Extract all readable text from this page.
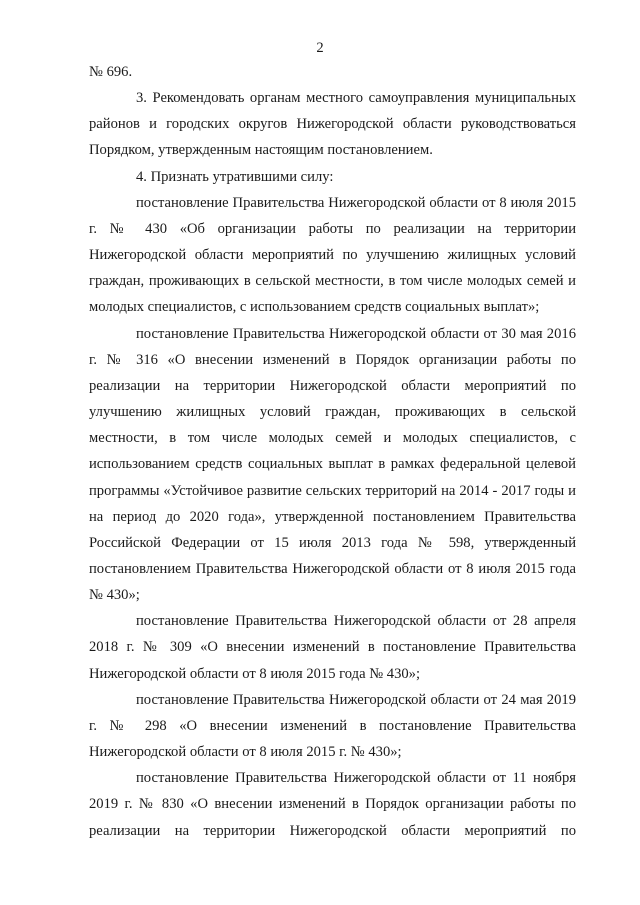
2

№ 696.

3. Рекомендовать органам местного самоуправления муниципальных районов и городских округов Нижегородской области руководствоваться Порядком, утвержденным настоящим постановлением.

4. Признать утратившими силу:

постановление Правительства Нижегородской области от 8 июля 2015 г. № 430 «Об организации работы по реализации на территории Нижегородской области мероприятий по улучшению жилищных условий граждан, проживающих в сельской местности, в том числе молодых семей и молодых специалистов, с использованием средств социальных выплат»;

постановление Правительства Нижегородской области от 30 мая 2016 г. № 316 «О внесении изменений в Порядок организации работы по реализации на территории Нижегородской области мероприятий по улучшению жилищных условий граждан, проживающих в сельской местности, в том числе молодых семей и молодых специалистов, с использованием средств социальных выплат в рамках федеральной целевой программы «Устойчивое развитие сельских территорий на 2014 - 2017 годы и на период до 2020 года», утвержденной постановлением Правительства Российской Федерации от 15 июля 2013 года № 598, утвержденный постановлением Правительства Нижегородской области от 8 июля 2015 года № 430»;

постановление Правительства Нижегородской области от 28 апреля 2018 г. № 309 «О внесении изменений в постановление Правительства Нижегородской области от 8 июля 2015 года № 430»;

постановление Правительства Нижегородской области от 24 мая 2019 г. № 298 «О внесении изменений в постановление Правительства Нижегородской области от 8 июля 2015 г. № 430»;

постановление Правительства Нижегородской области от 11 ноября 2019 г. № 830 «О внесении изменений в Порядок организации работы по реализации на территории Нижегородской области мероприятий по
